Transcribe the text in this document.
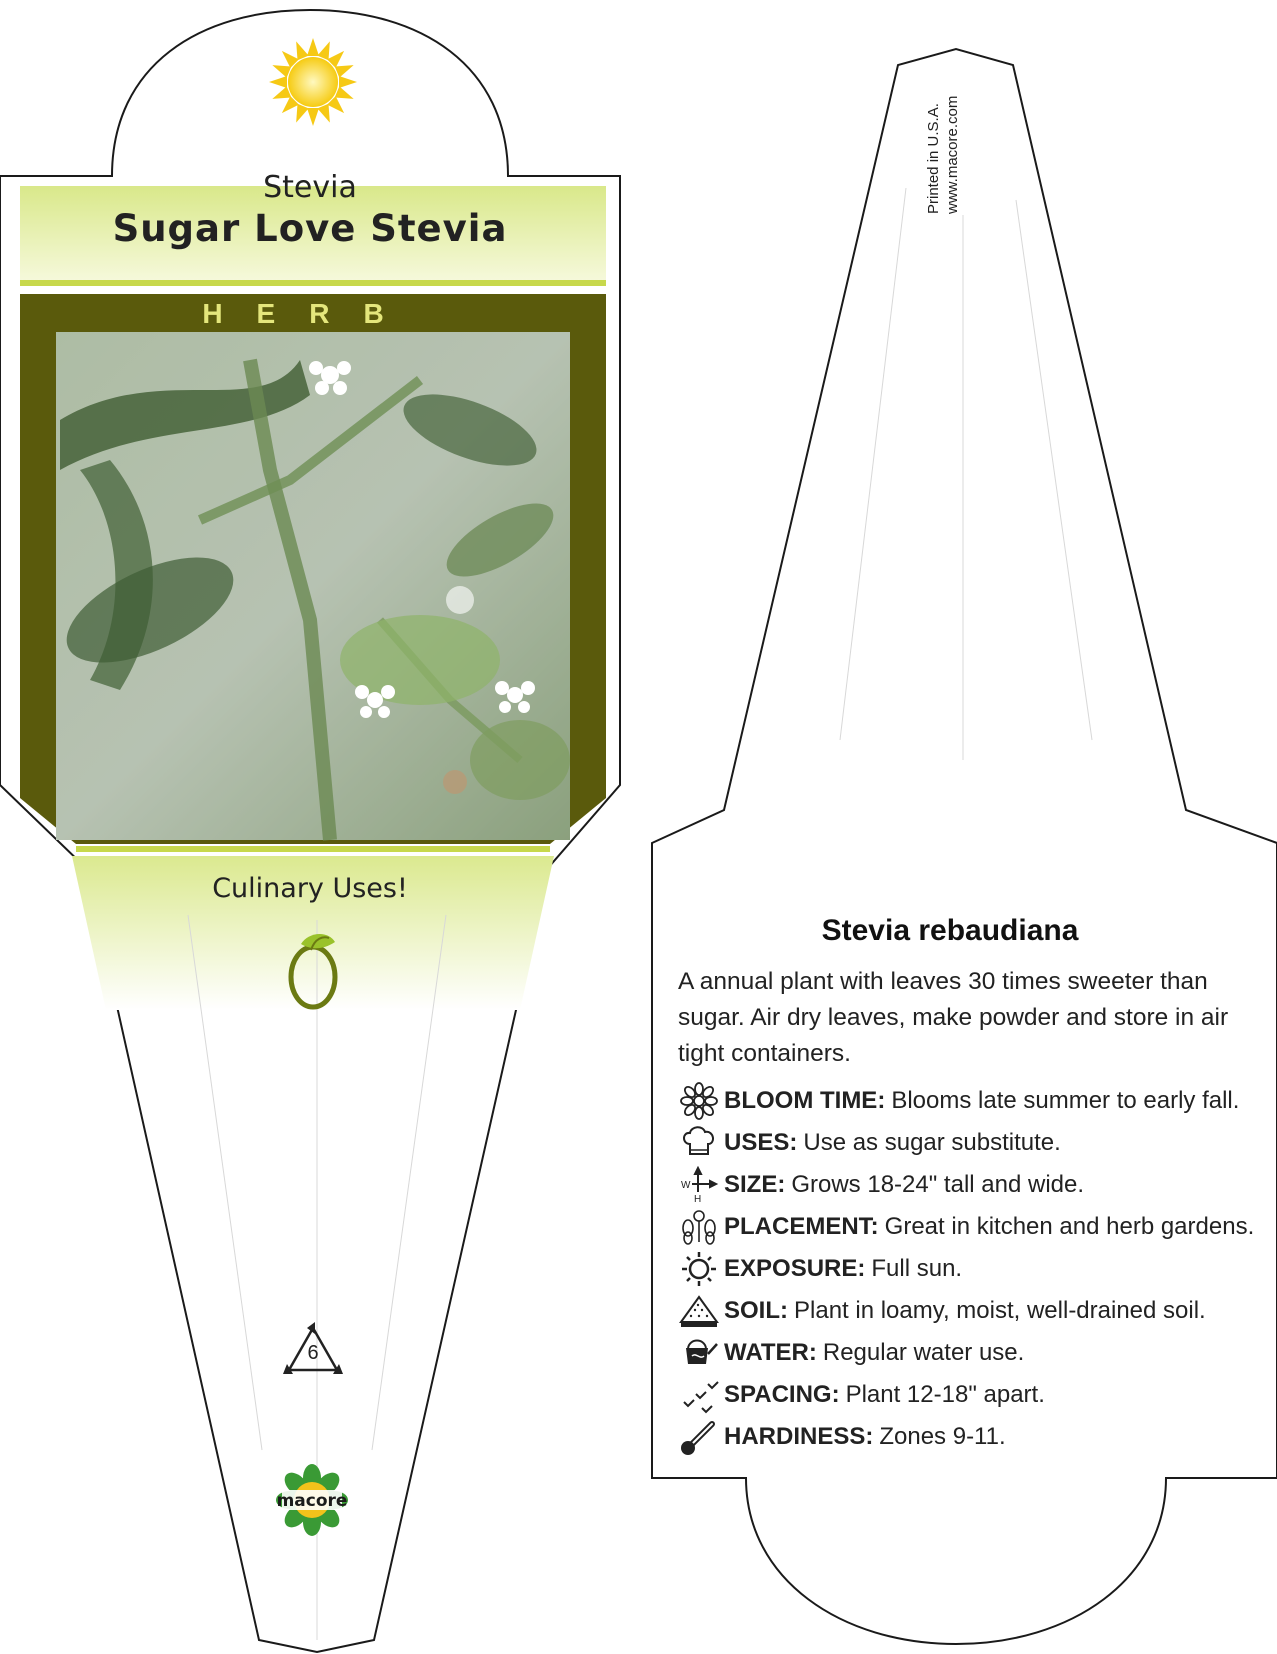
Stevia
Sugar Love Stevia
HERB
Culinary Uses!
6
macore
Printed in U.S.A. www.macore.com
Stevia rebaudiana
A annual plant with leaves 30 times sweeter than sugar. Air dry leaves, make powder and store in air tight containers.
BLOOM TIME: Blooms late summer to early fall.
USES: Use as sugar substitute.
W
H
SIZE: Grows 18-24" tall and wide.
PLACEMENT: Great in kitchen and herb gardens.
EXPOSURE: Full sun.
SOIL: Plant in loamy, moist, well-drained soil.
WATER: Regular water use.
SPACING: Plant 12-18" apart.
HARDINESS: Zones 9-11.
